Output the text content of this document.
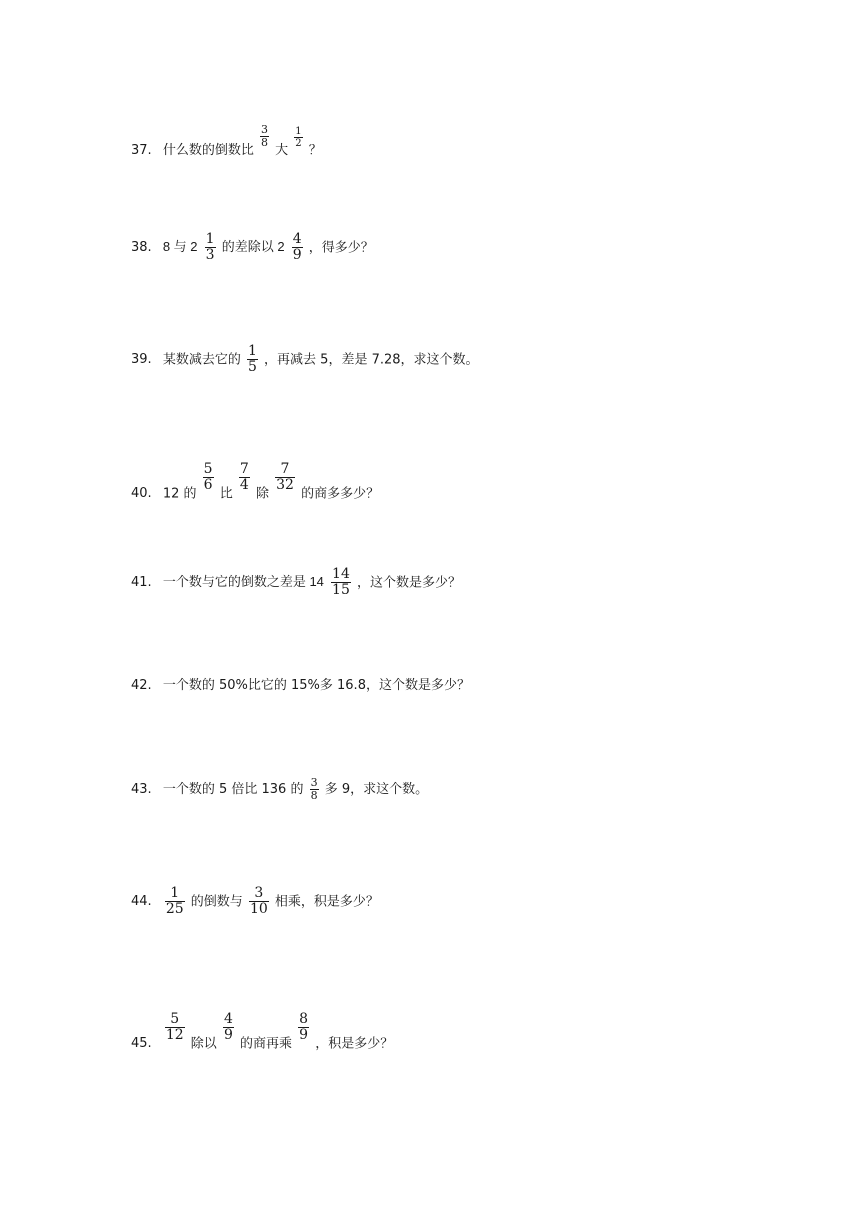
37. 什么数的倒数比
$\frac{3}{8}$
大
$\frac{1}{2}$
？
38. 8 与 $2 \frac{1}{3}$ 的差除以 $2 \frac{4}{9}$ ，得多少？
39. 某数减去它的 $\frac{1}{5}$ ，再减去 5，差是 7.28，求这个数。
40. 12 的
$\frac{5}{6}$
比
$\frac{7}{4}$
除
$\frac{7}{32}$
的商多多少？
41. 一个数与它的倒数之差是 $14 \frac{14}{15}$ ，这个数是多少？
42. 一个数的 50%比它的 15%多 16.8，这个数是多少？
43. 一个数的 5 倍比 136 的 $\frac{3}{8}$ 多 9，求这个数。
44. $\frac{1}{25}$ 的倒数与 $\frac{3}{10}$ 相乘，积是多少？
45.
$\frac{5}{12}$
除以
$\frac{4}{9}$
的商再乘
$\frac{8}{9}$
，积是多少？
